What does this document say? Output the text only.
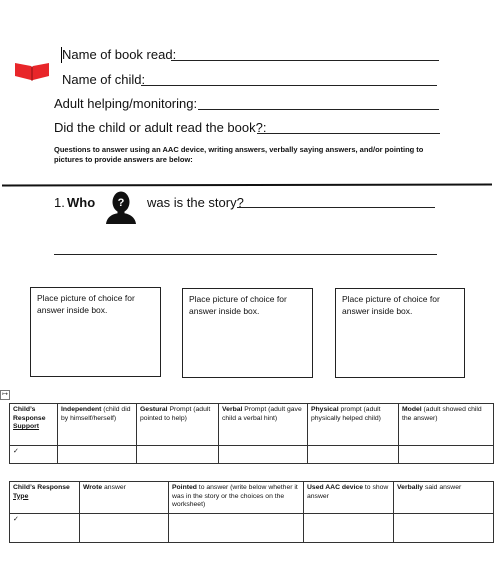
Name of book read:
Name of child:
Adult helping/monitoring:
Did the child or adult read the book?:
Questions to answer using an AAC device, writing answers, verbally saying answers, and/or pointing to pictures to provide answers are below:
1. Who ? was is the story?
Place picture of choice for answer inside box.
Place picture of choice for answer inside box.
Place picture of choice for answer inside box.
↦
Child’s
Response
Support	Independent (child did by himself/herself)	Gestural Prompt (adult pointed to help)	Verbal Prompt (adult gave child a verbal hint)	Physical prompt (adult physically helped child)	Model (adult showed child the answer)
✓					
Child’s Response
Type	Wrote answer	Pointed to answer (write below whether it was in the story or the choices on the worksheet)	Used AAC device to show answer	Verbally said answer
✓				
